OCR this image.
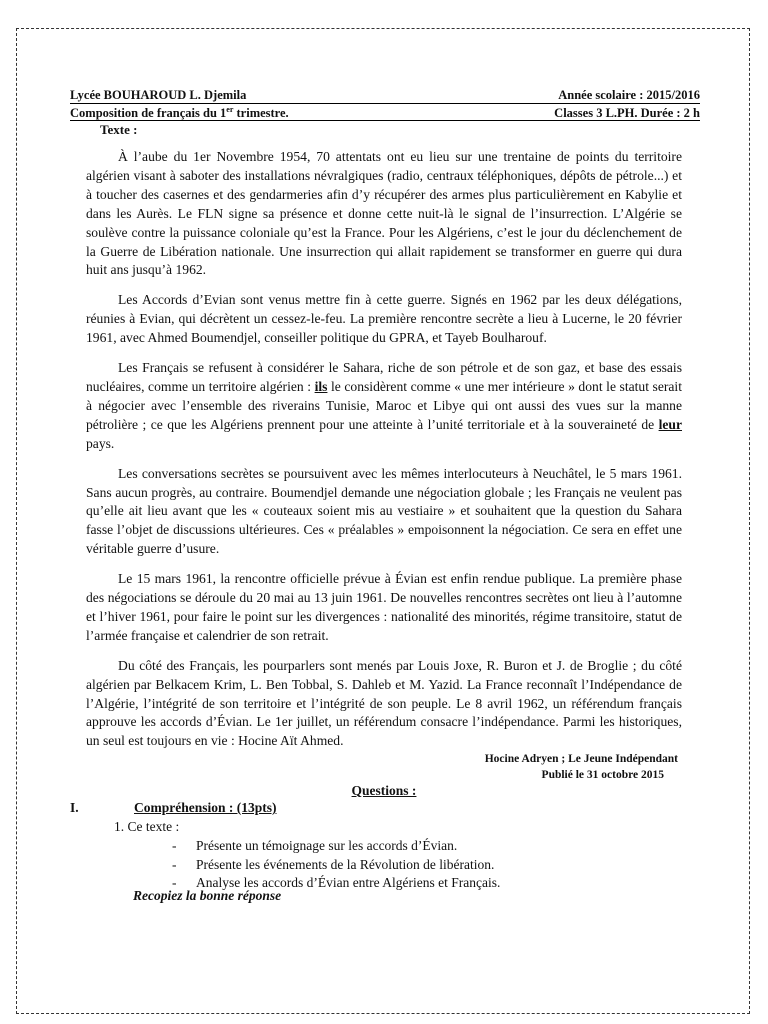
Lycée BOUHAROUD L. Djemila	Année scolaire : 2015/2016
Composition de français du 1er trimestre.	Classes 3 L.PH. Durée : 2 h
Texte :

À l’aube du 1er Novembre 1954, 70 attentats ont eu lieu sur une trentaine de points du territoire algérien visant à saboter des installations névralgiques (radio, centraux téléphoniques, dépôts de pétrole...) et à toucher des casernes et des gendarmeries afin d’y récupérer des armes plus particulièrement en Kabylie et dans les Aurès. Le FLN signe sa présence et donne cette nuit-là le signal de l’insurrection. L’Algérie se soulève contre la puissance coloniale qu’est la France. Pour les Algériens, c’est le jour du déclenchement de la Guerre de Libération nationale. Une insurrection qui allait rapidement se transformer en guerre qui dura huit ans jusqu’à 1962.

Les Accords d’Evian sont venus mettre fin à cette guerre. Signés en 1962 par les deux délégations, réunies à Evian, qui décrètent un cessez-le-feu. La première rencontre secrète a lieu à Lucerne, le 20 février 1961, avec Ahmed Boumendjel, conseiller politique du GPRA, et Tayeb Boulharouf.

Les Français se refusent à considérer le Sahara, riche de son pétrole et de son gaz, et base des essais nucléaires, comme un territoire algérien : ils le considèrent comme « une mer intérieure » dont le statut serait à négocier avec l’ensemble des riverains Tunisie, Maroc et Libye qui ont aussi des vues sur la manne pétrolière ; ce que les Algériens prennent pour une atteinte à l’unité territoriale et à la souveraineté de leur pays.

Les conversations secrètes se poursuivent avec les mêmes interlocuteurs à Neuchâtel, le 5 mars 1961. Sans aucun progrès, au contraire. Boumendjel demande une négociation globale ; les Français ne veulent pas qu’elle ait lieu avant que les « couteaux soient mis au vestiaire » et souhaitent que la question du Sahara fasse l’objet de discussions ultérieures. Ces « préalables » empoisonnent la négociation. Ce sera en effet une véritable guerre d’usure.

Le 15 mars 1961, la rencontre officielle prévue à Évian est enfin rendue publique. La première phase des négociations se déroule du 20 mai au 13 juin 1961. De nouvelles rencontres secrètes ont lieu à l’automne et l’hiver 1961, pour faire le point sur les divergences : nationalité des minorités, régime transitoire, statut de l’armée française et calendrier de son retrait.

Du côté des Français, les pourparlers sont menés par Louis Joxe, R. Buron et J. de Broglie ; du côté algérien par Belkacem Krim, L. Ben Tobbal, S. Dahleb et M. Yazid. La France reconnaît l’Indépendance de l’Algérie, l’intégrité de son territoire et l’intégrité de son peuple. Le 8 avril 1962, un référendum français approuve les accords d’Évian. Le 1er juillet, un référendum consacre l’indépendance. Parmi les historiques, un seul est toujours en vie : Hocine Aït Ahmed.

Hocine Adryen ; Le Jeune Indépendant
Publié le 31 octobre 2015
Questions :
I.	Compréhension : (13pts)
1. Ce texte :
- Présente un témoignage sur les accords d’Évian.
- Présente les événements de la Révolution de libération.
- Analyse les accords d’Évian entre Algériens et Français.
Recopiez la bonne réponse
